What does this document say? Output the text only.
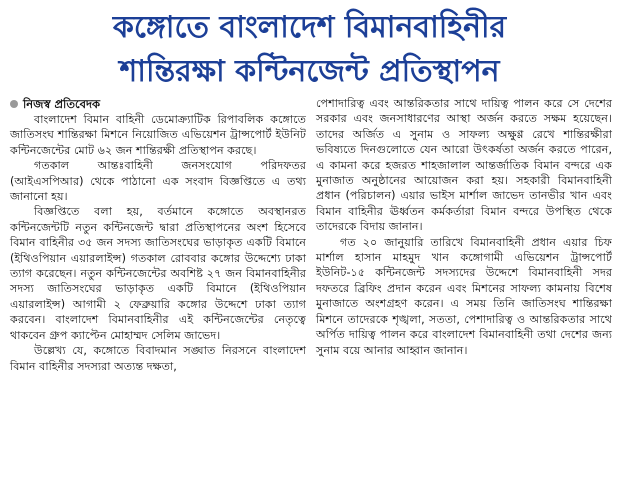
কঙ্গোতে বাংলাদেশ বিমানবাহিনীর
শান্তিরক্ষা কন্টিনজেন্ট প্রতিস্থাপন
নিজস্ব প্রতিবেদক

বাংলাদেশ বিমান বাহিনী ডেমোক্র্যাটিক রিপাবলিক কঙ্গোতে জাতিসংঘ শান্তিরক্ষা মিশনে নিয়োজিত এভিয়েশন ট্রান্সপোর্ট ইউনিট কন্টিনজেন্টের মোট ৬২ জন শান্তিরক্ষী প্রতিস্থাপন করছে।

গতকাল আন্তঃবাহিনী জনসংযোগ পরিদফতর (আইএসপিআর) থেকে পাঠানো এক সংবাদ বিজ্ঞপ্তিতে এ তথ্য জানানো হয়।

বিজ্ঞপ্তিতে বলা হয়, বর্তমানে কঙ্গোতে অবস্থানরত কন্টিনজেন্টটি নতুন কন্টিনজেন্ট দ্বারা প্রতিস্থাপনের অংশ হিসেবে বিমান বাহিনীর ৩৫ জন সদস্য জাতিসংঘের ভাড়াকৃত একটি বিমানে (ইথিওপিয়ান এয়ারলাইন্স) গতকাল রোববার কঙ্গোর উদ্দেশ্যে ঢাকা ত্যাগ করেছেন। নতুন কন্টিনজেন্টের অবশিষ্ট ২৭ জন বিমানবাহিনীর সদস্য জাতিসংঘের ভাড়াকৃত একটি বিমানে (ইথিওপিয়ান এয়ারলাইন্স) আগামী ২ ফেব্রুয়ারি কঙ্গোর উদ্দেশে ঢাকা ত্যাগ করবেন। বাংলাদেশ বিমানবাহিনীর এই কন্টিনজেন্টের নেতৃত্বে থাকবেন গ্রুপ ক্যাপ্টেন মোহাম্মদ সেলিম জাভেদ।

উল্লেখ্য যে, কঙ্গোতে বিবাদমান সঙ্ঘাত নিরসনে বাংলাদেশ বিমান বাহিনীর সদস্যরা অত্যন্ত দক্ষতা,

পেশাদারিত্ব এবং আন্তরিকতার সাথে দায়িত্ব পালন করে সে দেশের সরকার এবং জনসাধারণের আস্থা অর্জন করতে সক্ষম হয়েছেন। তাদের অর্জিত এ সুনাম ও সাফল্য অক্ষুণ্ণ রেখে শান্তিরক্ষীরা ভবিষ্যতে দিনগুলোতে যেন আরো উৎকর্ষতা অর্জন করতে পারেন, এ কামনা করে হজরত শাহজালাল আন্তর্জাতিক বিমান বন্দরে এক মুনাজাত অনুষ্ঠানের আয়োজন করা হয়। সহকারী বিমানবাহিনী প্রধান (পরিচালন) এয়ার ভাইস মার্শাল জাভেদ তানভীর খান এবং বিমান বাহিনীর ঊর্ধ্বতন কর্মকর্তারা বিমান বন্দরে উপস্থিত থেকে তাদেরকে বিদায় জানান।

গত ২০ জানুয়ারি তারিখে বিমানবাহিনী প্রধান এয়ার চিফ মার্শাল হাসান মাহমুদ খান কঙ্গোগামী এভিয়েশন ট্রান্সপোর্ট ইউনিট-১৫ কন্টিনজেন্ট সদস্যদের উদ্দেশে বিমানবাহিনী সদর দফতরে ব্রিফিং প্রদান করেন এবং মিশনের সাফল্য কামনায় বিশেষ মুনাজাতে অংশগ্রহণ করেন। এ সময় তিনি জাতিসংঘ শান্তিরক্ষা মিশনে তাদেরকে শৃঙ্খলা, সততা, পেশাদারিত্ব ও আন্তরিকতার সাথে অর্পিত দায়িত্ব পালন করে বাংলাদেশ বিমানবাহিনী তথা দেশের জন্য সুনাম বয়ে আনার আহ্বান জানান।
